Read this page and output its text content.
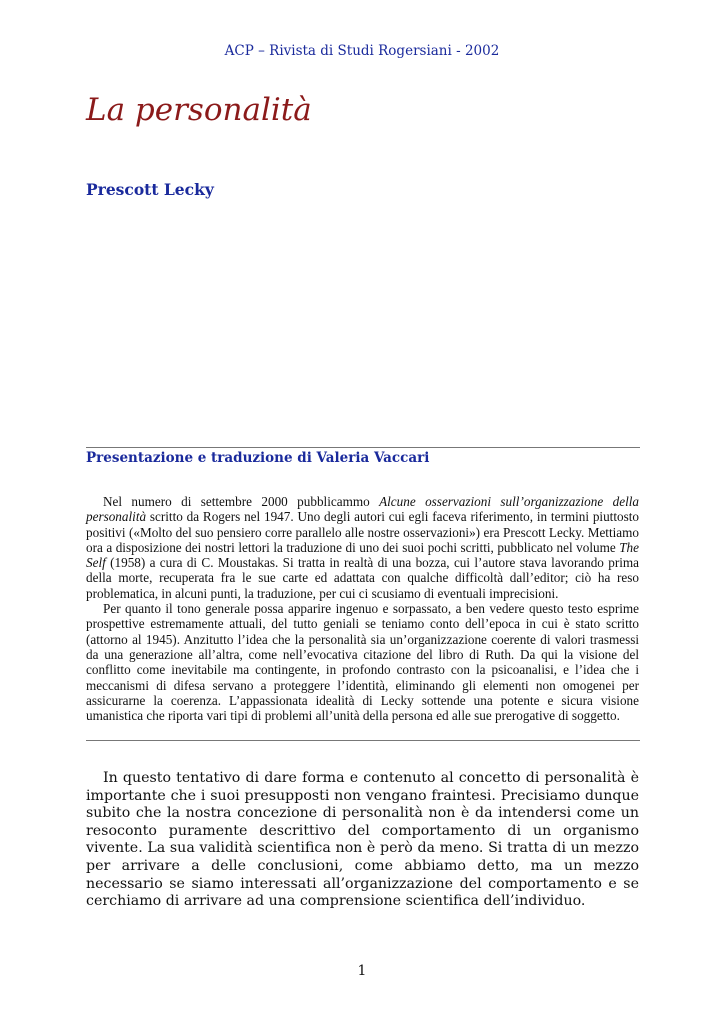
ACP – Rivista di Studi Rogersiani - 2002
La personalità
Prescott Lecky
Presentazione e traduzione di Valeria Vaccari

Nel numero di settembre 2000 pubblicammo Alcune osservazioni sull’organizzazione della personalità scritto da Rogers nel 1947. Uno degli autori cui egli faceva riferimento, in termini piuttosto positivi («Molto del suo pensiero corre parallelo alle nostre osservazioni») era Prescott Lecky. Mettiamo ora a disposizione dei nostri lettori la traduzione di uno dei suoi pochi scritti, pubblicato nel volume The Self (1958) a cura di C. Moustakas. Si tratta in realtà di una bozza, cui l’autore stava lavorando prima della morte, recuperata fra le sue carte ed adattata con qualche difficoltà dall’editor; ciò ha reso problematica, in alcuni punti, la traduzione, per cui ci scusiamo di eventuali imprecisioni.

Per quanto il tono generale possa apparire ingenuo e sorpassato, a ben vedere questo testo esprime prospettive estremamente attuali, del tutto geniali se teniamo conto dell’epoca in cui è stato scritto (attorno al 1945). Anzitutto l’idea che la personalità sia un’organizzazione coerente di valori trasmessi da una generazione all’altra, come nell’evocativa citazione del libro di Ruth. Da qui la visione del conflitto come inevitabile ma contingente, in profondo contrasto con la psicoanalisi, e l’idea che i meccanismi di difesa servano a proteggere l’identità, eliminando gli elementi non omogenei per assicurarne la coerenza. L’appassionata idealità di Lecky sottende una potente e sicura visione umanistica che riporta vari tipi di problemi all’unità della persona ed alle sue prerogative di soggetto.

In questo tentativo di dare forma e contenuto al concetto di personalità è importante che i suoi presupposti non vengano fraintesi. Precisiamo dunque subito che la nostra concezione di personalità non è da intendersi come un resoconto puramente descrittivo del comportamento di un organismo vivente. La sua validità scientifica non è però da meno. Si tratta di un mezzo per arrivare a delle conclusioni, come abbiamo detto, ma un mezzo necessario se siamo interessati all’organizzazione del comportamento e se cerchiamo di arrivare ad una comprensione scientifica dell’individuo.

1
